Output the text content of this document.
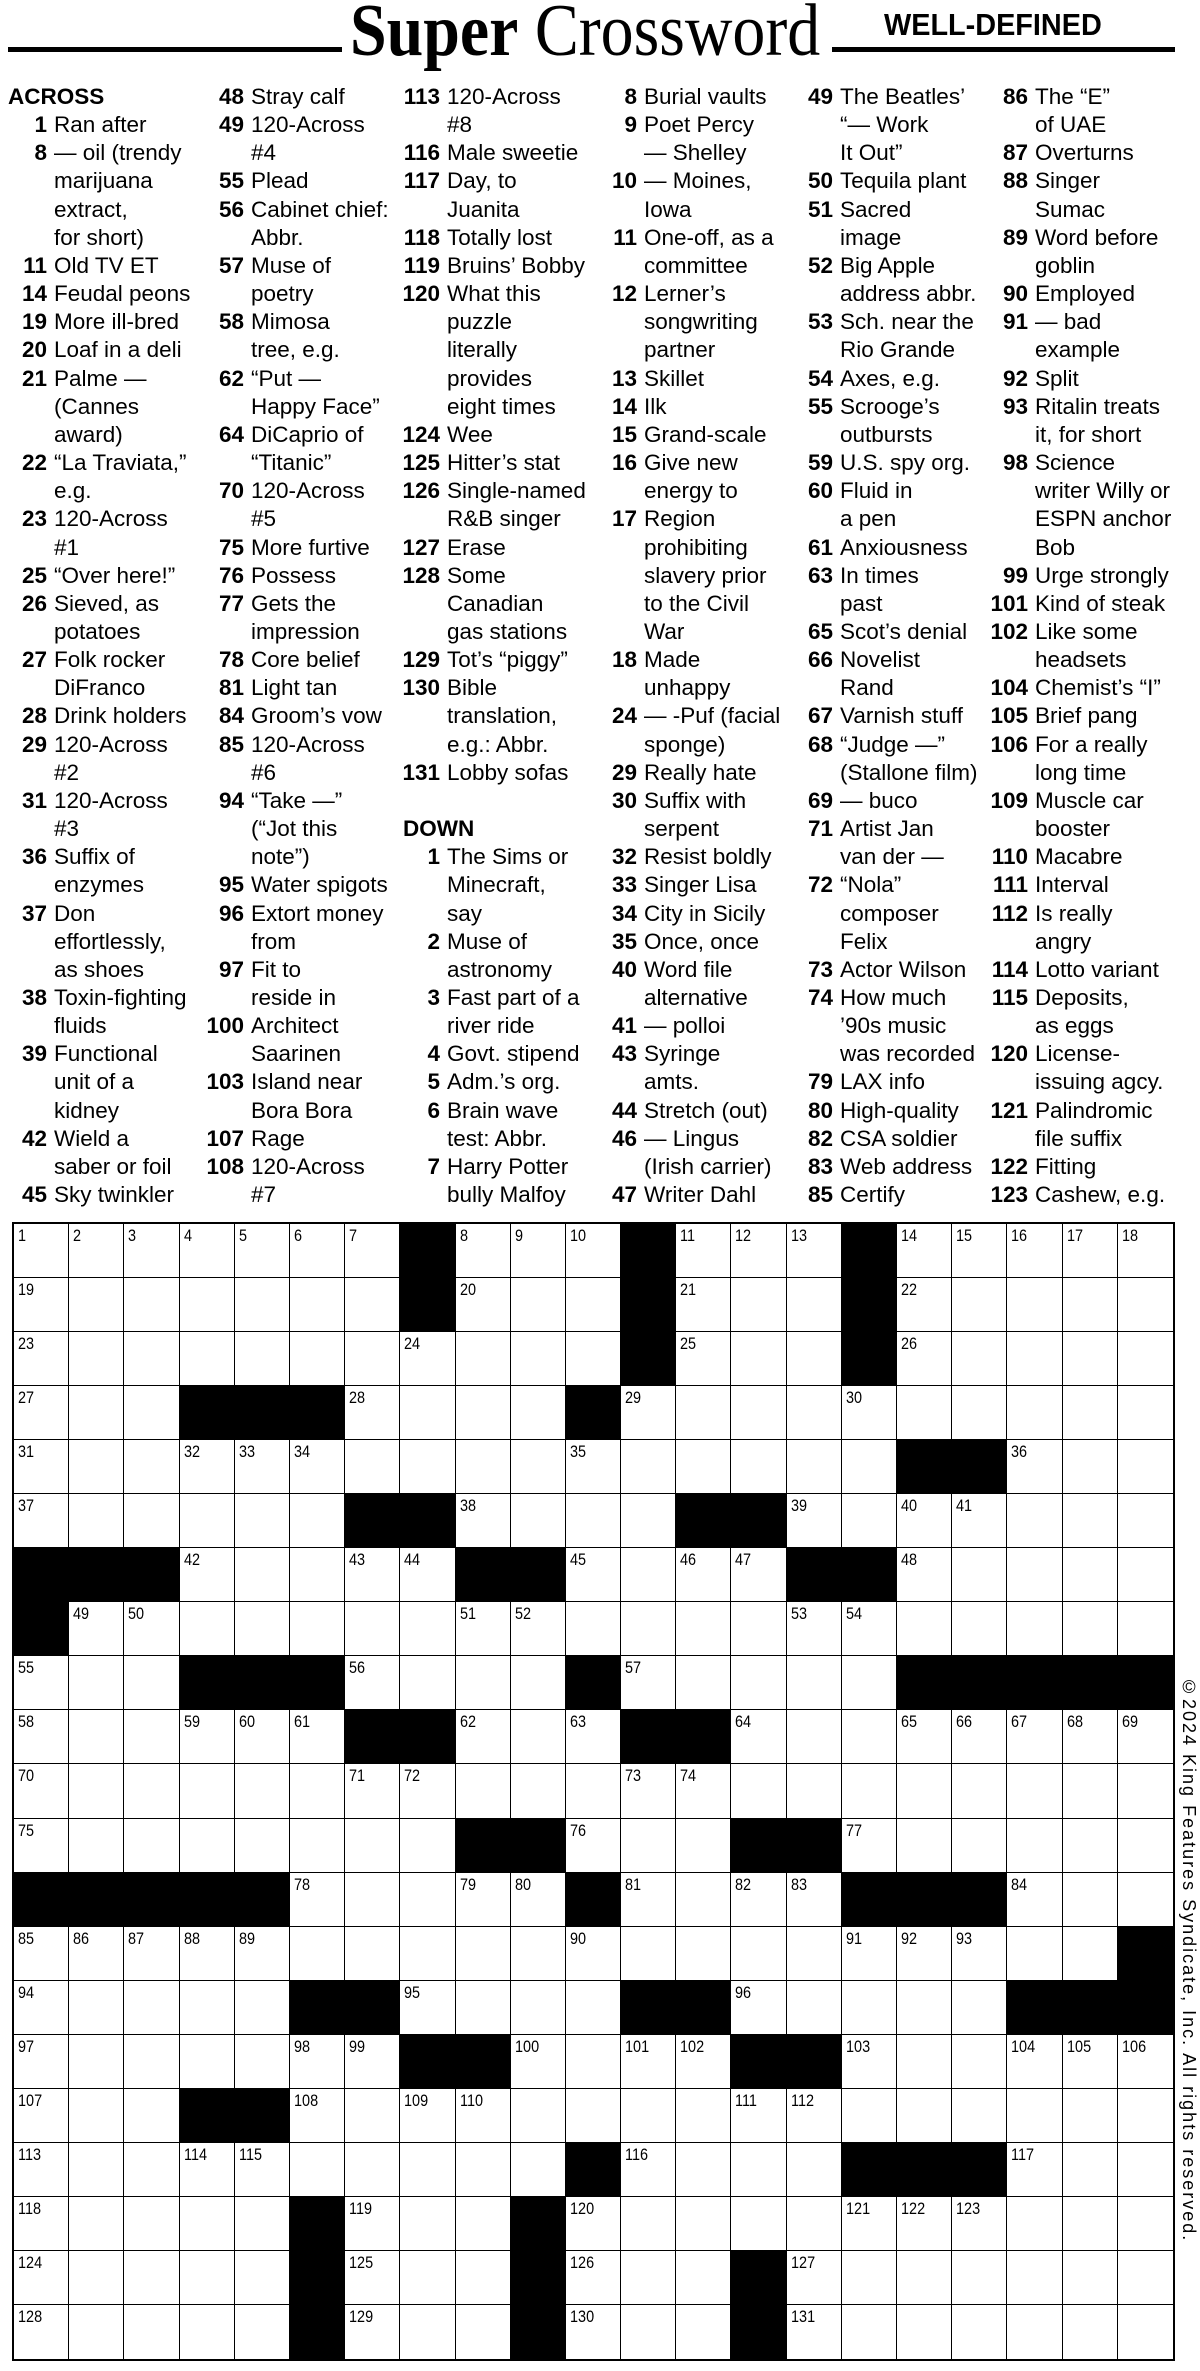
Super Crossword WELL-DEFINED
ACROSS
1 Ran after
8 — oil (trendy
marijuana
extract,
for short)
11 Old TV ET
14 Feudal peons
19 More ill-bred
20 Loaf in a deli
21 Palme —
(Cannes
award)
22 “La Traviata,”
e.g.
23 120-Across
#1
25 “Over here!”
26 Sieved, as
potatoes
27 Folk rocker
DiFranco
28 Drink holders
29 120-Across
#2
31 120-Across
#3
36 Suffix of
enzymes
37 Don
effortlessly,
as shoes
38 Toxin-fighting
fluids
39 Functional
unit of a
kidney
42 Wield a
saber or foil
45 Sky twinkler
48 Stray calf
49 120-Across
#4
55 Plead
56 Cabinet chief:
Abbr.
57 Muse of
poetry
58 Mimosa
tree, e.g.
62 “Put —
Happy Face”
64 DiCaprio of
“Titanic”
70 120-Across
#5
75 More furtive
76 Possess
77 Gets the
impression
78 Core belief
81 Light tan
84 Groom’s vow
85 120-Across
#6
94 “Take —”
(“Jot this
note”)
95 Water spigots
96 Extort money
from
97 Fit to
reside in
100 Architect
Saarinen
103 Island near
Bora Bora
107 Rage
108 120-Across
#7
113 120-Across
#8
116 Male sweetie
117 Day, to
Juanita
118 Totally lost
119 Bruins’ Bobby
120 What this
puzzle
literally
provides
eight times
124 Wee
125 Hitter’s stat
126 Single-named
R&B singer
127 Erase
128 Some
Canadian
gas stations
129 Tot’s “piggy”
130 Bible
translation,
e.g.: Abbr.
131 Lobby sofas
DOWN
1 The Sims or
Minecraft,
say
2 Muse of
astronomy
3 Fast part of a
river ride
4 Govt. stipend
5 Adm.’s org.
6 Brain wave
test: Abbr.
7 Harry Potter
bully Malfoy
8 Burial vaults
9 Poet Percy
— Shelley
10 — Moines,
Iowa
11 One-off, as a
committee
12 Lerner’s
songwriting
partner
13 Skillet
14 Ilk
15 Grand-scale
16 Give new
energy to
17 Region
prohibiting
slavery prior
to the Civil
War
18 Made
unhappy
24 — -Puf (facial
sponge)
29 Really hate
30 Suffix with
serpent
32 Resist boldly
33 Singer Lisa
34 City in Sicily
35 Once, once
40 Word file
alternative
41 — polloi
43 Syringe
amts.
44 Stretch (out)
46 — Lingus
(Irish carrier)
47 Writer Dahl
49 The Beatles’
“— Work
It Out”
50 Tequila plant
51 Sacred
image
52 Big Apple
address abbr.
53 Sch. near the
Rio Grande
54 Axes, e.g.
55 Scrooge’s
outbursts
59 U.S. spy org.
60 Fluid in
a pen
61 Anxiousness
63 In times
past
65 Scot’s denial
66 Novelist
Rand
67 Varnish stuff
68 “Judge —”
(Stallone film)
69 — buco
71 Artist Jan
van der —
72 “Nola”
composer
Felix
73 Actor Wilson
74 How much
’90s music
was recorded
79 LAX info
80 High-quality
82 CSA soldier
83 Web address
85 Certify
86 The “E”
of UAE
87 Overturns
88 Singer
Sumac
89 Word before
goblin
90 Employed
91 — bad
example
92 Split
93 Ritalin treats
it, for short
98 Science
writer Willy or
ESPN anchor
Bob
99 Urge strongly
101 Kind of steak
102 Like some
headsets
104 Chemist’s “I”
105 Brief pang
106 For a really
long time
109 Muscle car
booster
110 Macabre
111 Interval
112 Is really
angry
114 Lotto variant
115 Deposits,
as eggs
120 License-
issuing agcy.
121 Palindromic
file suffix
122 Fitting
123 Cashew, e.g.
1	2	3	4	5	6	7	8	9	10	11 12 13	14 15 16 17 18
19	20	21	22
23	24	25	26
27	28	29	30
31	32 33 34	35	36
37	38	39	40 41
42	43 44	45	46 47	48
49 50	51 52	53 54
55	56	57
58	59 60 61	62	63	64	65 66 67 68 69
70	71 72	73 74
75	76	77
78	79 80	81	82 83	84
85 86 87 88 89	90	91 92 93
94	95	96
97	98 99	100	101 102	103	104 105 106
107	108	109 110	111 112
113	114 115	116	117
118	119	120	121 122 123
124	125	126	127
128	129	130	131
©2024 King Features Syndicate, Inc. All rights reserved.
